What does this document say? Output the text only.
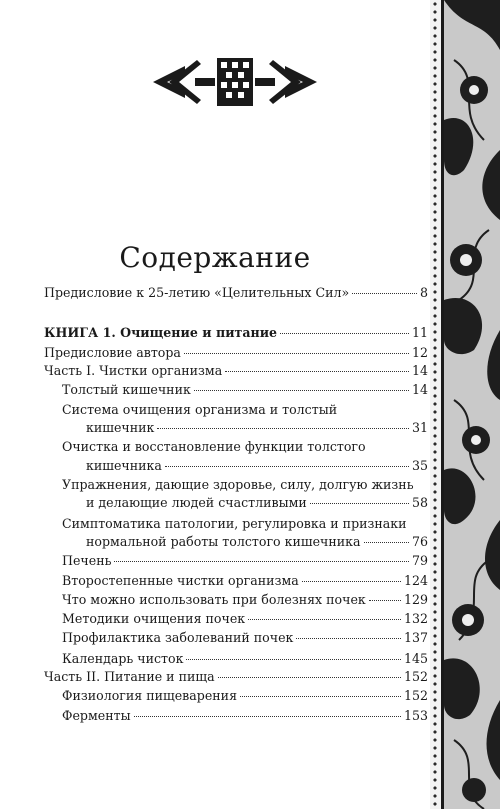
Содержание
Предисловие к 25-летию «Целительных Сил»	8
КНИГА 1. Очищение и питание	11
Предисловие автора	12
Часть I. Чистки организма	14
Толстый кишечник	14
Система очищения организма и толстый
кишечник	31
Очистка и восстановление функции толстого
кишечника	35
Упражнения, дающие здоровье, силу, долгую жизнь
и делающие людей счастливыми	58
Симптоматика патологии, регулировка и признаки
нормальной работы толстого кишечника	76
Печень	79
Второстепенные чистки организма	124
Что можно использовать при болезнях почек	129
Методики очищения почек	132
Профилактика заболеваний почек	137
Календарь чисток	145
Часть II. Питание и пища	152
Физиология пищеварения	152
Ферменты	153
